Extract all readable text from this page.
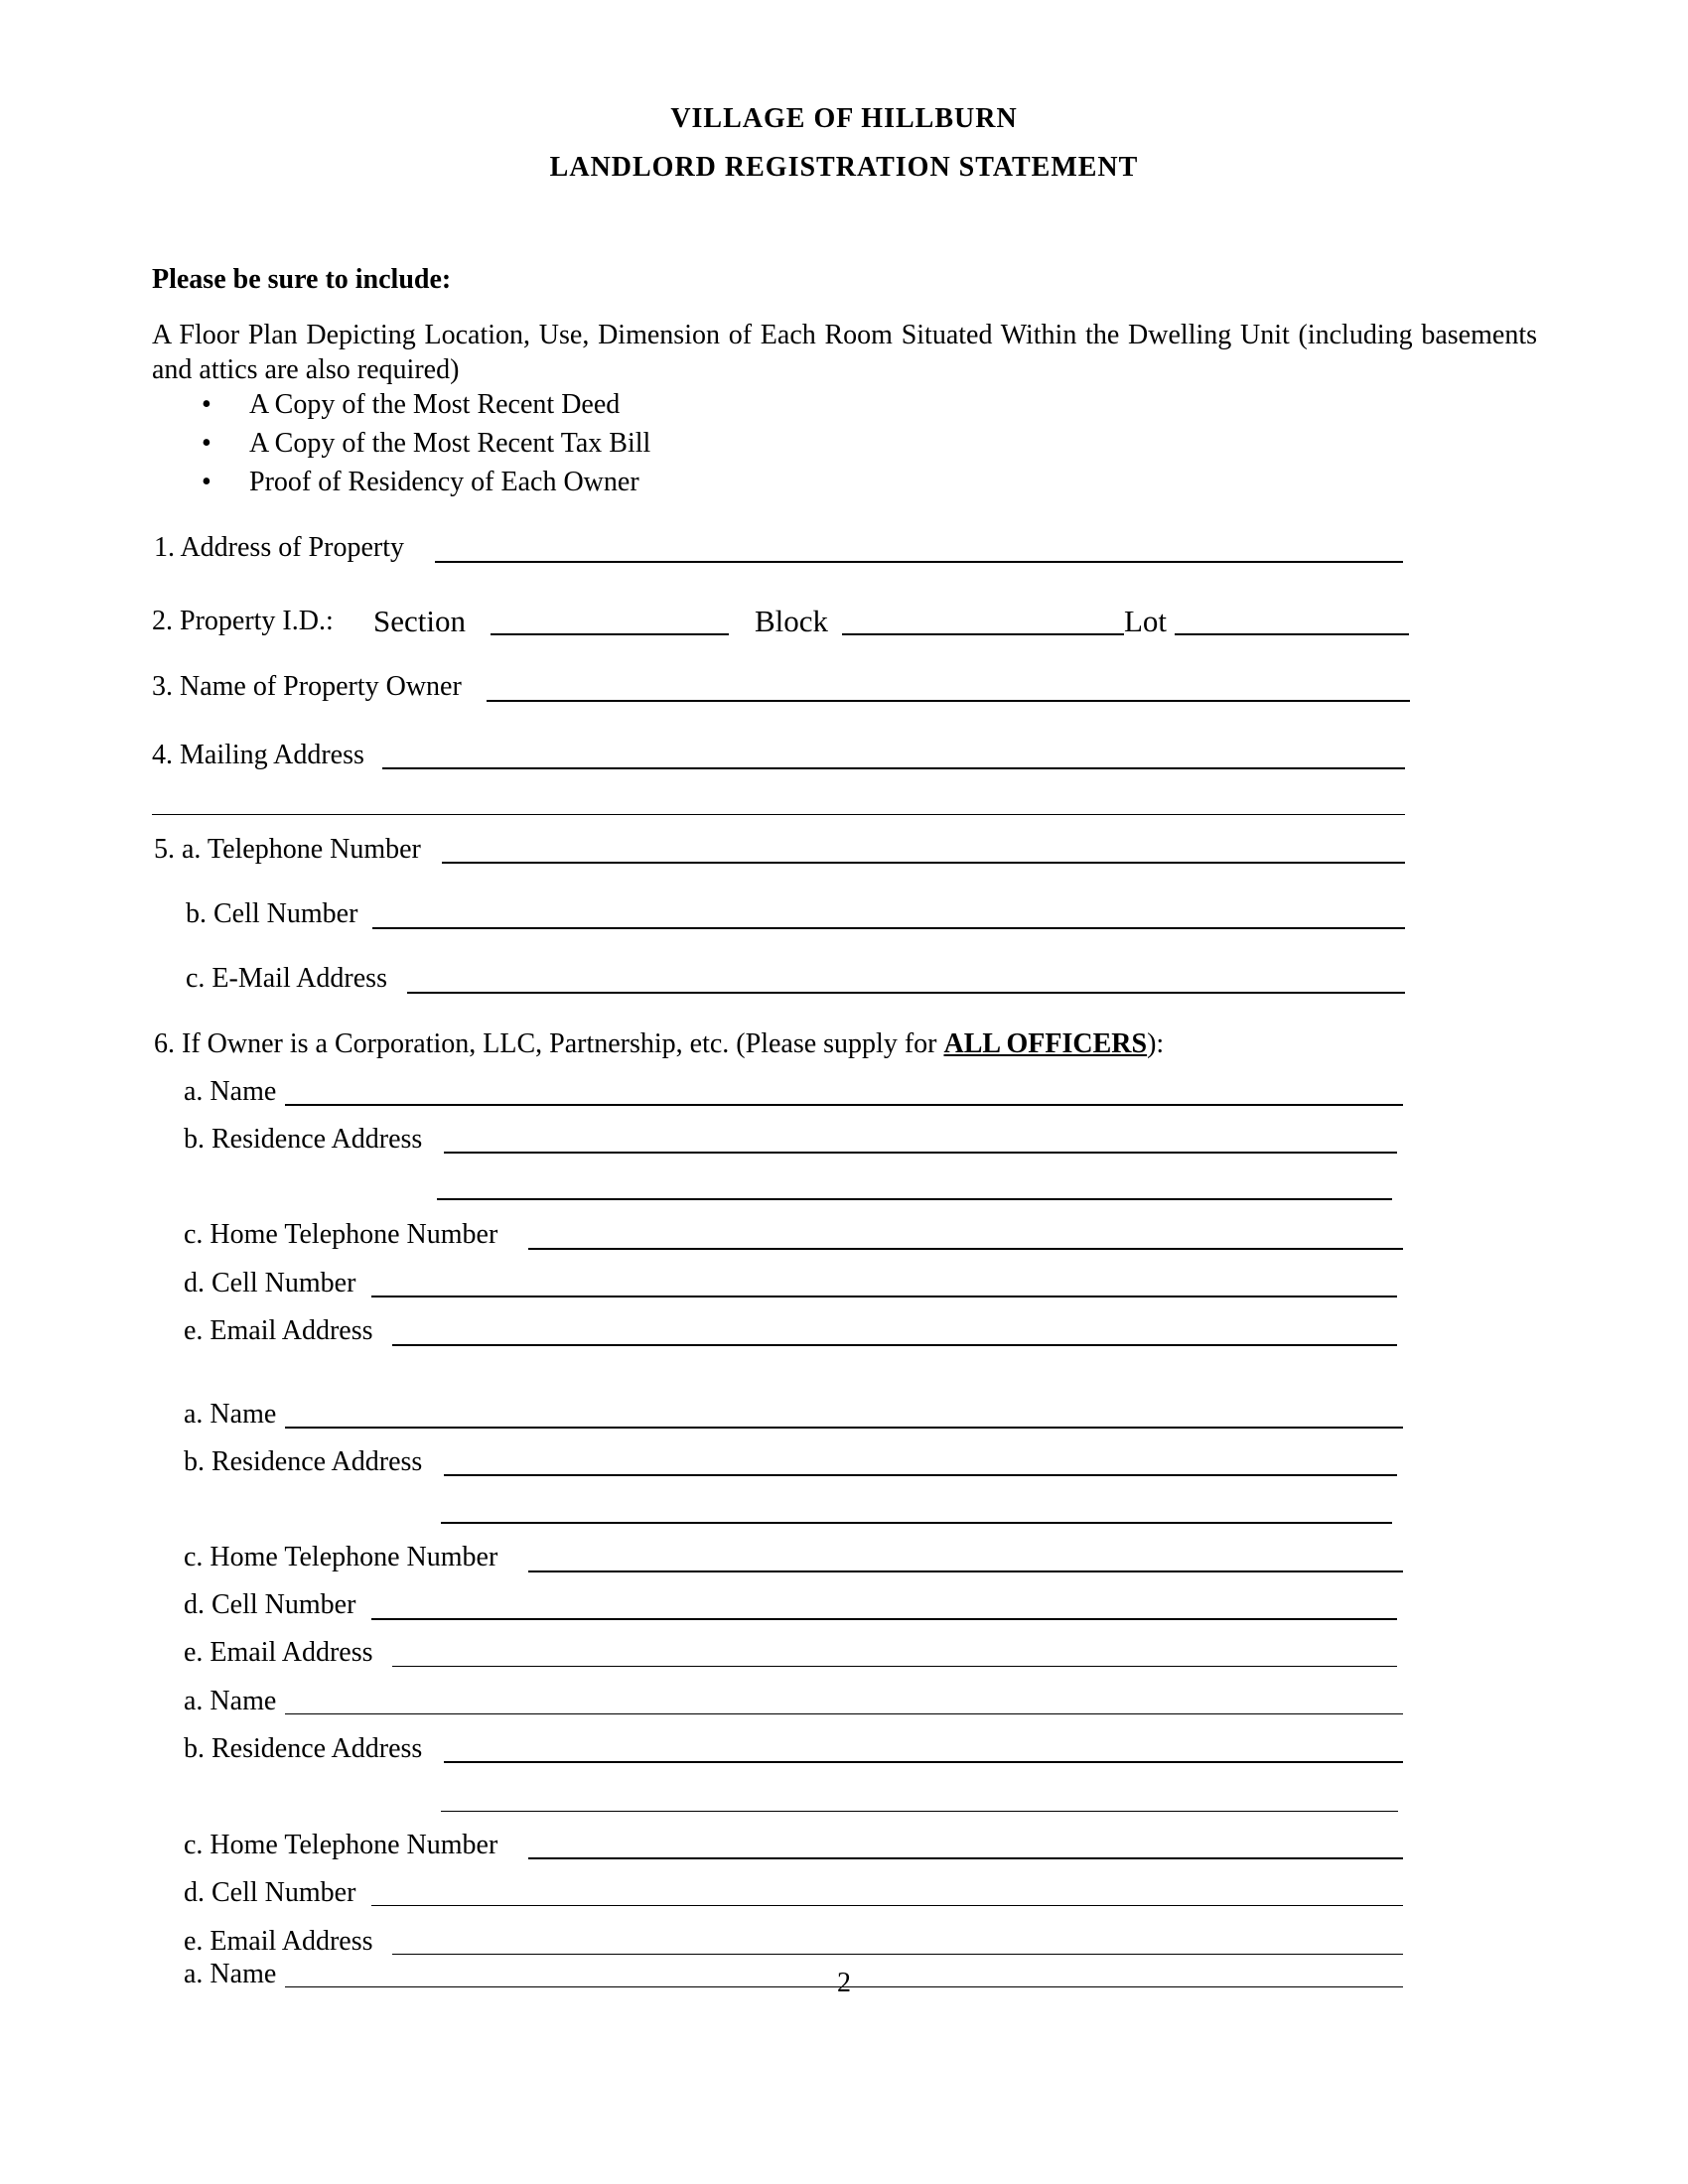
VILLAGE OF HILLBURN
LANDLORD REGISTRATION STATEMENT
Please be sure to include:
A Floor Plan Depicting Location, Use, Dimension of Each Room Situated Within the Dwelling Unit (including basements and attics are also required)
• A Copy of the Most Recent Deed
• A Copy of the Most Recent Tax Bill
• Proof of Residency of Each Owner
1. Address of Property
2. Property I.D.: Section	Block	Lot
3. Name of Property Owner
4. Mailing Address
5. a. Telephone Number
b. Cell Number
c. E-Mail Address
6. If Owner is a Corporation, LLC, Partnership, etc. (Please supply for ALL OFFICERS):
a. Name
b. Residence Address
c. Home Telephone Number
d. Cell Number
e. Email Address
a. Name
b. Residence Address
c. Home Telephone Number
d. Cell Number
e. Email Address
a. Name
b. Residence Address
c. Home Telephone Number
d. Cell Number
e. Email Address
a. Name	2
